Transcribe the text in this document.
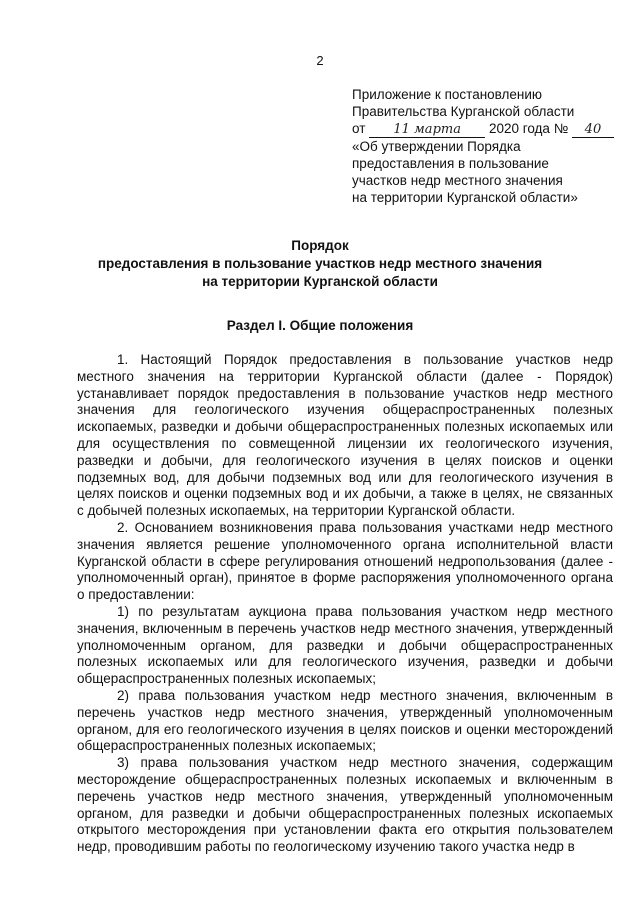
2
Приложение к постановлению
Правительства Курганской области
от 11 марта 2020 года № 40
«Об утверждении Порядка
предоставления в пользование
участков недр местного значения
на территории Курганской области»
Порядок
предоставления в пользование участков недр местного значения
на территории Курганской области
Раздел I. Общие положения

1. Настоящий Порядок предоставления в пользование участков недр местного значения на территории Курганской области (далее - Порядок) устанавливает порядок предоставления в пользование участков недр местного значения для геологического изучения общераспространенных полезных ископаемых, разведки и добычи общераспространенных полезных ископаемых или для осуществления по совмещенной лицензии их геологического изучения, разведки и добычи, для геологического изучения в целях поисков и оценки подземных вод, для добычи подземных вод или для геологического изучения в целях поисков и оценки подземных вод и их добычи, а также в целях, не связанных с добычей полезных ископаемых, на территории Курганской области.

2. Основанием возникновения права пользования участками недр местного значения является решение уполномоченного органа исполнительной власти Курганской области в сфере регулирования отношений недропользования (далее - уполномоченный орган), принятое в форме распоряжения уполномоченного органа о предоставлении:

1) по результатам аукциона права пользования участком недр местного значения, включенным в перечень участков недр местного значения, утвержденный уполномоченным органом, для разведки и добычи общераспространенных полезных ископаемых или для геологического изучения, разведки и добычи общераспространенных полезных ископаемых;

2) права пользования участком недр местного значения, включенным в перечень участков недр местного значения, утвержденный уполномоченным органом, для его геологического изучения в целях поисков и оценки месторождений общераспространенных полезных ископаемых;

3) права пользования участком недр местного значения, содержащим месторождение общераспространенных полезных ископаемых и включенным в перечень участков недр местного значения, утвержденный уполномоченным органом, для разведки и добычи общераспространенных полезных ископаемых открытого месторождения при установлении факта его открытия пользователем недр, проводившим работы по геологическому изучению такого участка недр в
